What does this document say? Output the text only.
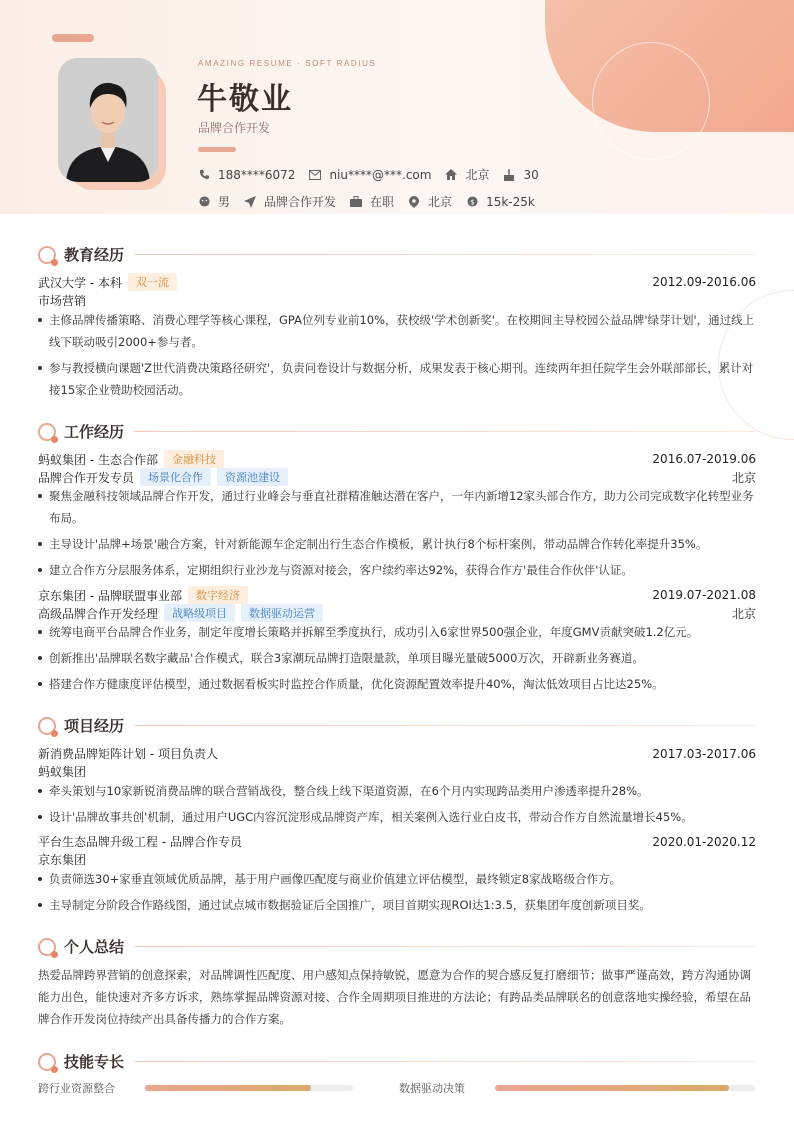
AMAZING RESUME · SOFT RADIUS
牛敬业
品牌合作开发
188****6072	niu****@***.com	北京	30
男	品牌合作开发	在职	北京 $ 15k-25k
教育经历
武汉大学 - 本科	双一流	2012.09-2016.06
市场营销
主修品牌传播策略、消费心理学等核心课程，GPA位列专业前10%，获校级'学术创新奖'。在校期间主导校园公益品牌'绿芽计划'，通过线上线下联动吸引2000+参与者。
参与教授横向课题'Z世代消费决策路径研究'，负责问卷设计与数据分析，成果发表于核心期刊。连续两年担任院学生会外联部部长，累计对接15家企业赞助校园活动。
工作经历
蚂蚁集团 - 生态合作部	金融科技	2016.07-2019.06
品牌合作开发专员	场景化合作	资源池建设	北京
聚焦金融科技领域品牌合作开发，通过行业峰会与垂直社群精准触达潜在客户，一年内新增12家头部合作方，助力公司完成数字化转型业务布局。
主导设计'品牌+场景'融合方案，针对新能源车企定制出行生态合作模板，累计执行8个标杆案例，带动品牌合作转化率提升35%。
建立合作方分层服务体系，定期组织行业沙龙与资源对接会，客户续约率达92%，获得合作方'最佳合作伙伴'认证。
京东集团 - 品牌联盟事业部	数字经济	2019.07-2021.08
高级品牌合作开发经理	战略级项目	数据驱动运营	北京
统筹电商平台品牌合作业务，制定年度增长策略并拆解至季度执行，成功引入6家世界500强企业，年度GMV贡献突破1.2亿元。
创新推出'品牌联名数字藏品'合作模式，联合3家潮玩品牌打造限量款，单项目曝光量破5000万次，开辟新业务赛道。
搭建合作方健康度评估模型，通过数据看板实时监控合作质量，优化资源配置效率提升40%，淘汰低效项目占比达25%。
项目经历
新消费品牌矩阵计划 - 项目负责人	2017.03-2017.06
蚂蚁集团
牵头策划与10家新锐消费品牌的联合营销战役，整合线上线下渠道资源，在6个月内实现跨品类用户渗透率提升28%。
设计'品牌故事共创'机制，通过用户UGC内容沉淀形成品牌资产库，相关案例入选行业白皮书，带动合作方自然流量增长45%。
平台生态品牌升级工程 - 品牌合作专员	2020.01-2020.12
京东集团
负责筛选30+家垂直领域优质品牌，基于用户画像匹配度与商业价值建立评估模型，最终锁定8家战略级合作方。
主导制定分阶段合作路线图，通过试点城市数据验证后全国推广，项目首期实现ROI达1:3.5，获集团年度创新项目奖。
个人总结
热爱品牌跨界营销的创意探索，对品牌调性匹配度、用户感知点保持敏锐，愿意为合作的契合感反复打磨细节；做事严谨高效，跨方沟通协调能力出色，能快速对齐多方诉求，熟练掌握品牌资源对接、合作全周期项目推进的方法论；有跨品类品牌联名的创意落地实操经验，希望在品牌合作开发岗位持续产出具备传播力的合作方案。
技能专长
跨行业资源整合	数据驱动决策
